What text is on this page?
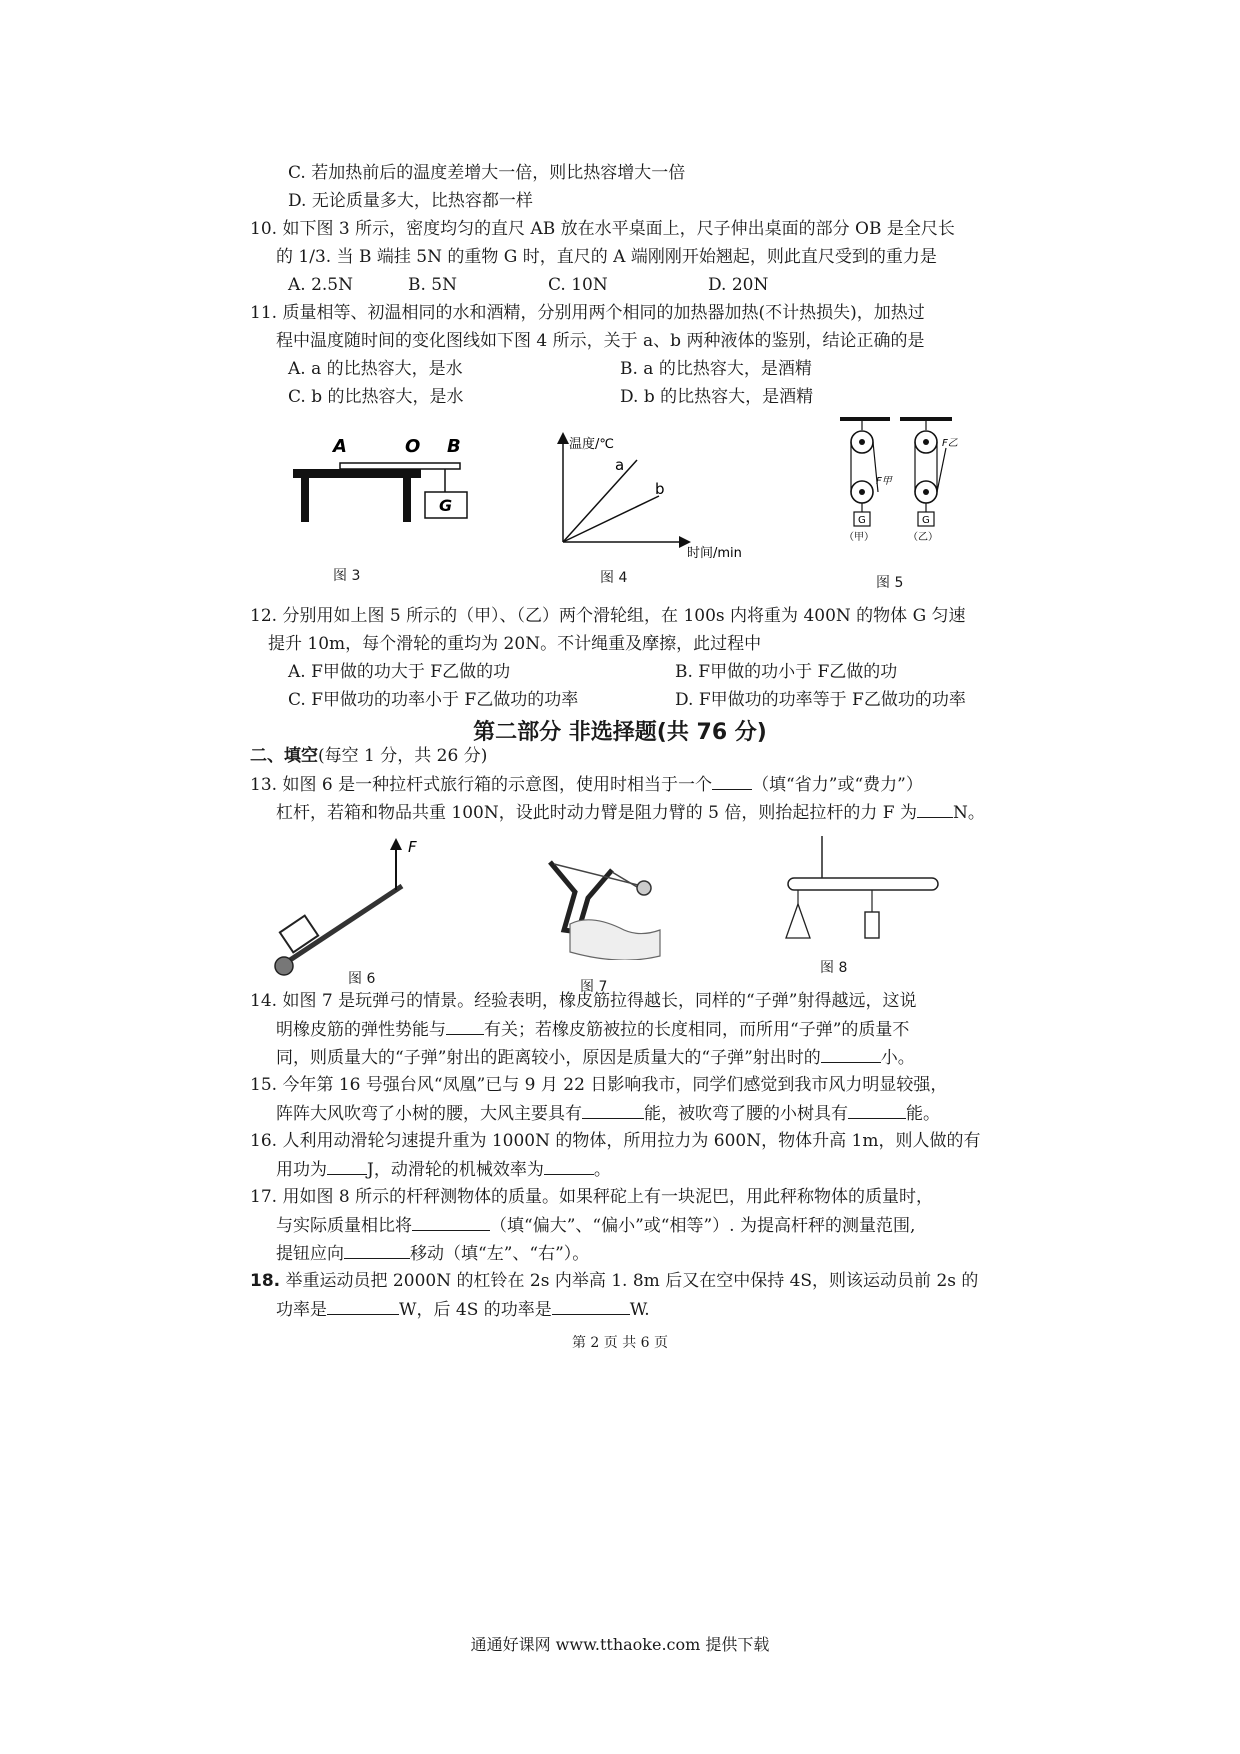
C. 若加热前后的温度差增大一倍，则比热容增大一倍
D. 无论质量多大，比热容都一样
10. 如下图 3 所示，密度均匀的直尺 AB 放在水平桌面上，尺子伸出桌面的部分 OB 是全尺长
的 1/3. 当 B 端挂 5N 的重物 G 时，直尺的 A 端刚刚开始翘起，则此直尺受到的重力是
A. 2.5N	B. 5N	C. 10N	D. 20N
11. 质量相等、初温相同的水和酒精，分别用两个相同的加热器加热(不计热损失)，加热过
程中温度随时间的变化图线如下图 4 所示，关于 a、b 两种液体的鉴别，结论正确的是
A. a 的比热容大，是水	B. a 的比热容大，是酒精
C. b 的比热容大，是水	D. b 的比热容大，是酒精
A	O B
G
图 3
温度/℃
时间/min
a
b
图 4
G
F甲
G
F乙
（甲）	（乙）
图 5
12. 分别用如上图 5 所示的（甲）、（乙）两个滑轮组，在 100s 内将重为 400N 的物体 G 匀速
提升 10m，每个滑轮的重均为 20N。不计绳重及摩擦，此过程中
A. F甲做的功大于 F乙做的功	B. F甲做的功小于 F乙做的功
C. F甲做功的功率小于 F乙做功的功率	D. F甲做功的功率等于 F乙做功的功率
第二部分 非选择题(共 76 分)
二、填空(每空 1 分，共 26 分)
13. 如图 6 是一种拉杆式旅行箱的示意图，使用时相当于一个 （填“省力”或“费力”）
杠杆，若箱和物品共重 100N，设此时动力臂是阻力臂的 5 倍，则抬起拉杆的力 F 为 N。
F
图 6	图 7
图 8
14. 如图 7 是玩弹弓的情景。经验表明，橡皮筋拉得越长，同样的“子弹”射得越远，这说
明橡皮筋的弹性势能与 有关；若橡皮筋被拉的长度相同，而所用“子弹”的质量不
同，则质量大的“子弹”射出的距离较小，原因是质量大的“子弹”射出时的	小。
15. 今年第 16 号强台风“凤凰”已与 9 月 22 日影响我市，同学们感觉到我市风力明显较强，
阵阵大风吹弯了小树的腰，大风主要具有	能，被吹弯了腰的小树具有	能。
16. 人利用动滑轮匀速提升重为 1000N 的物体，所用拉力为 600N，物体升高 1m，则人做的有
用功为 J，动滑轮的机械效率为	。
17. 用如图 8 所示的杆秤测物体的质量。如果秤砣上有一块泥巴，用此秤称物体的质量时，
与实际质量相比将	（填“偏大”、“偏小”或“相等”）. 为提高杆秤的测量范围,
提钮应向	移动（填“左”、“右”）。
18. 举重运动员把 2000N 的杠铃在 2s 内举高 1. 8m 后又在空中保持 4S，则该运动员前 2s 的
功率是	W，后 4S 的功率是	W.
第 2 页 共 6 页
通通好课网 www.tthaoke.com 提供下载
